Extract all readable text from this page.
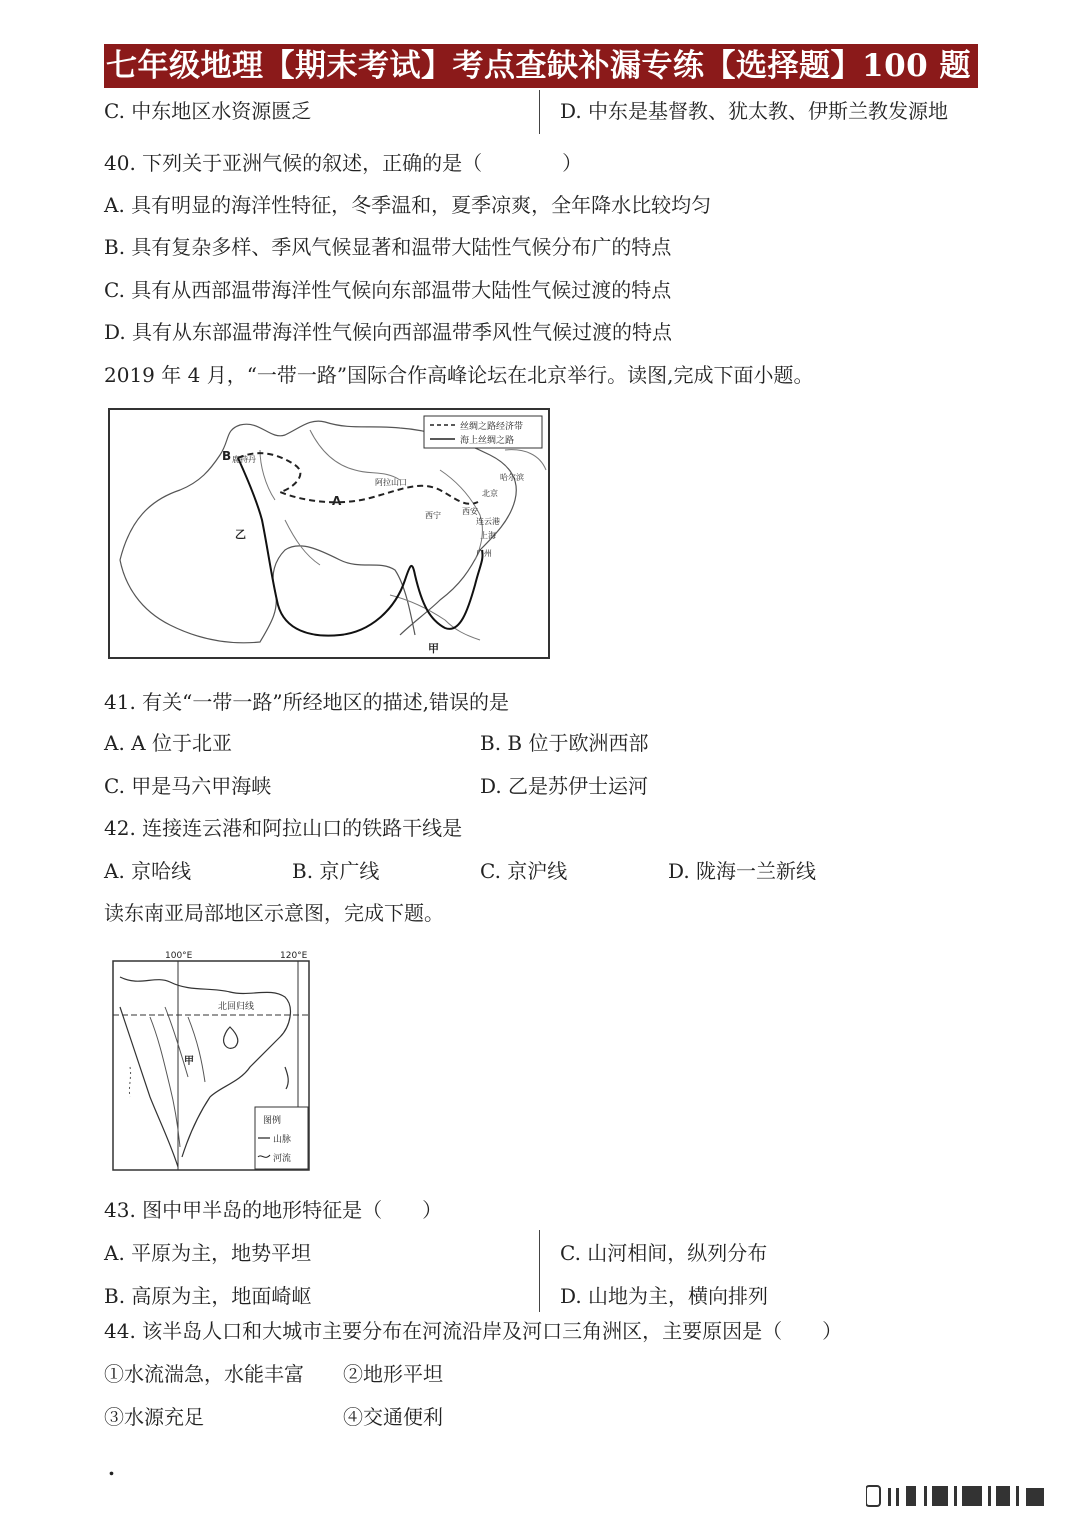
七年级地理【期末考试】考点查缺补漏专练【选择题】100 题
C. 中东地区水资源匮乏	D. 中东是基督教、犹太教、伊斯兰教发源地
40. 下列关于亚洲气候的叙述，正确的是（　　　　）
A. 具有明显的海洋性特征，冬季温和，夏季凉爽，全年降水比较均匀
B. 具有复杂多样、季风气候显著和温带大陆性气候分布广的特点
C. 具有从西部温带海洋性气候向东部温带大陆性气候过渡的特点
D. 具有从东部温带海洋性气候向西部温带季风性气候过渡的特点
2019 年 4 月，“一带一路”国际合作高峰论坛在北京举行。读图,完成下面小题。
丝绸之路经济带
海上丝绸之路
B 鹿特丹
A
阿拉山口
乙
甲
北京
哈尔滨
西宁	西安
连云港
上海
广州
41. 有关“一带一路”所经地区的描述,错误的是
A. A 位于北亚	B. B 位于欧洲西部
C. 甲是马六甲海峡	D. 乙是苏伊士运河
42. 连接连云港和阿拉山口的铁路干线是
A. 京哈线	B. 京广线	C. 京沪线	D. 陇海一兰新线
读东南亚局部地区示意图，完成下题。
100°E	120°E
北回归线
甲
图例
山脉
河流
43. 图中甲半岛的地形特征是（　　）
A. 平原为主，地势平坦	C. 山河相间，纵列分布
B. 高原为主，地面崎岖	D. 山地为主，横向排列
44. 该半岛人口和大城市主要分布在河流沿岸及河口三角洲区，主要原因是（　　）
①水流湍急，水能丰富 ②地形平坦
③水源充足	④交通便利
.
